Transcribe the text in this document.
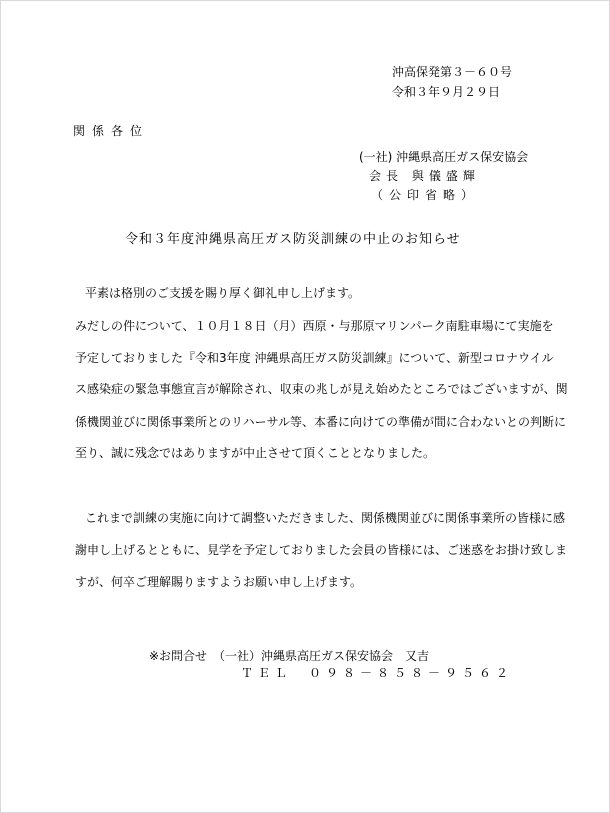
沖高保発第３－６０号
令和３年９月２９日
関係各位
(一社) 沖縄県高圧ガス保安協会
会長 與儀盛輝
（公印省略）
令和３年度沖縄県高圧ガス防災訓練の中止のお知らせ
平素は格別のご支援を賜り厚く御礼申し上げます。
みだしの件について、１０月１８日（月）西原・与那原マリンパーク南駐車場にて実施を
予定しておりました『令和3年度 沖縄県高圧ガス防災訓練』について、新型コロナウイル
ス感染症の緊急事態宣言が解除され、収束の兆しが見え始めたところではございますが、関
係機関並びに関係事業所とのリハーサル等、本番に向けての準備が間に合わないとの判断に
至り、誠に残念ではありますが中止させて頂くこととなりました。
これまで訓練の実施に向けて調整いただきました、関係機関並びに関係事業所の皆様に感
謝申し上げるとともに、見学を予定しておりました会員の皆様には、ご迷惑をお掛け致しま
すが、何卒ご理解賜りますようお願い申し上げます。
※お問合せ　（一社）沖縄県高圧ガス保安協会　又吉
ＴＥＬ　０９８－８５８－９５６２
